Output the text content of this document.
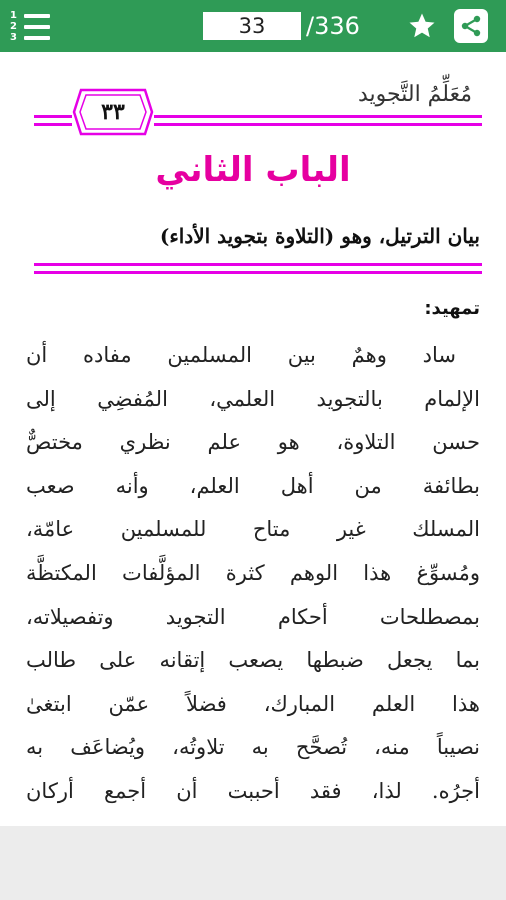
/336
33
1
2
3
مُعَلِّمُ التَّجويد
٣٣
الباب الثاني
بيان الترتيل، وهو (التلاوة بتجويد الأداء)
تمهيد:
ساد وهمٌ بين المسلمين مفاده أن
الإلمام بالتجويد العلمي، المُفضِي إلى
حسن التلاوة، هو علم نظري مختصٌّ
بطائفة من أهل العلم، وأنه صعب
المسلك غير متاح للمسلمين عامّة،
ومُسوِّغ هذا الوهم كثرة المؤلَّفات المكتظَّة
بمصطلحات أحكام التجويد وتفصيلاته،
بما يجعل ضبطها يصعب إتقانه على طالب
هذا العلم المبارك، فضلاً عمّن ابتغىٰ
نصيباً منه، تُصحَّح به تلاوتُه، ويُضاعَف به
أجرُه. لذا، فقد أحببت أن أجمع أركان
